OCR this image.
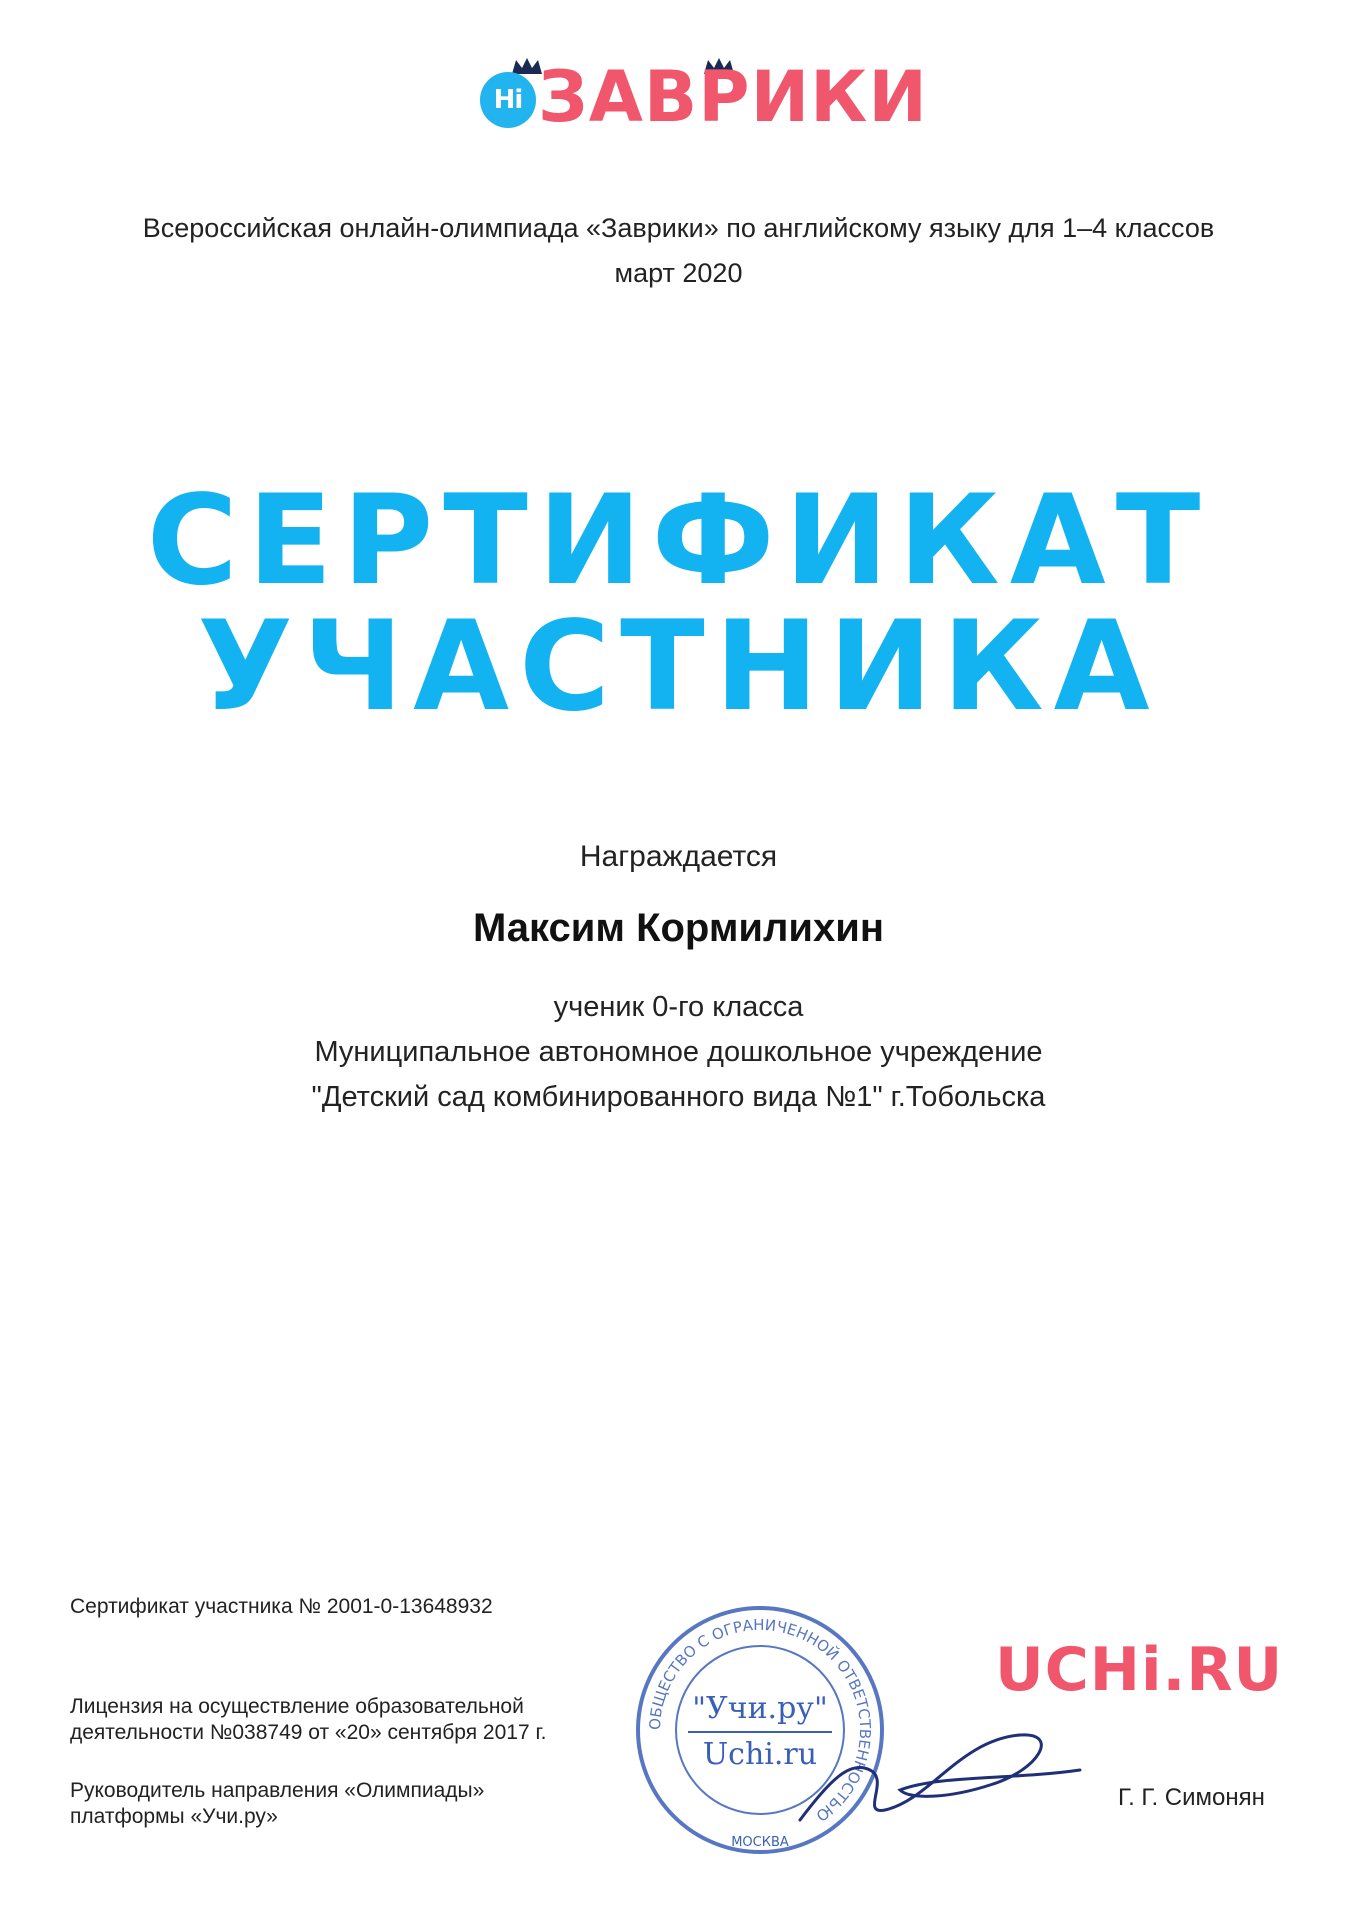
Hi ЗАВРИКИ
Всероссийская онлайн-олимпиада «Заврики» по английскому языку для 1–4 классов
март 2020
СЕРТИФИКАТ
УЧАСТНИКА
Награждается
Максим Кормилихин
ученик 0-го класса
Муниципальное автономное дошкольное учреждение
"Детский сад комбинированного вида №1" г.Тобольска
Сертификат участника № 2001-0-13648932
Лицензия на осуществление образовательной
деятельности №038749 от «20» сентября 2017 г.
Руководитель направления «Олимпиады»
платформы «Учи.ру»
ОБЩЕСТВО С ОГРАНИЧЕННОЙ ОТВЕТСТВЕННОСТЬЮ
МОСКВА
"Учи.ру"
Uchi.ru
UCHi.RU
Г. Г. Симонян
